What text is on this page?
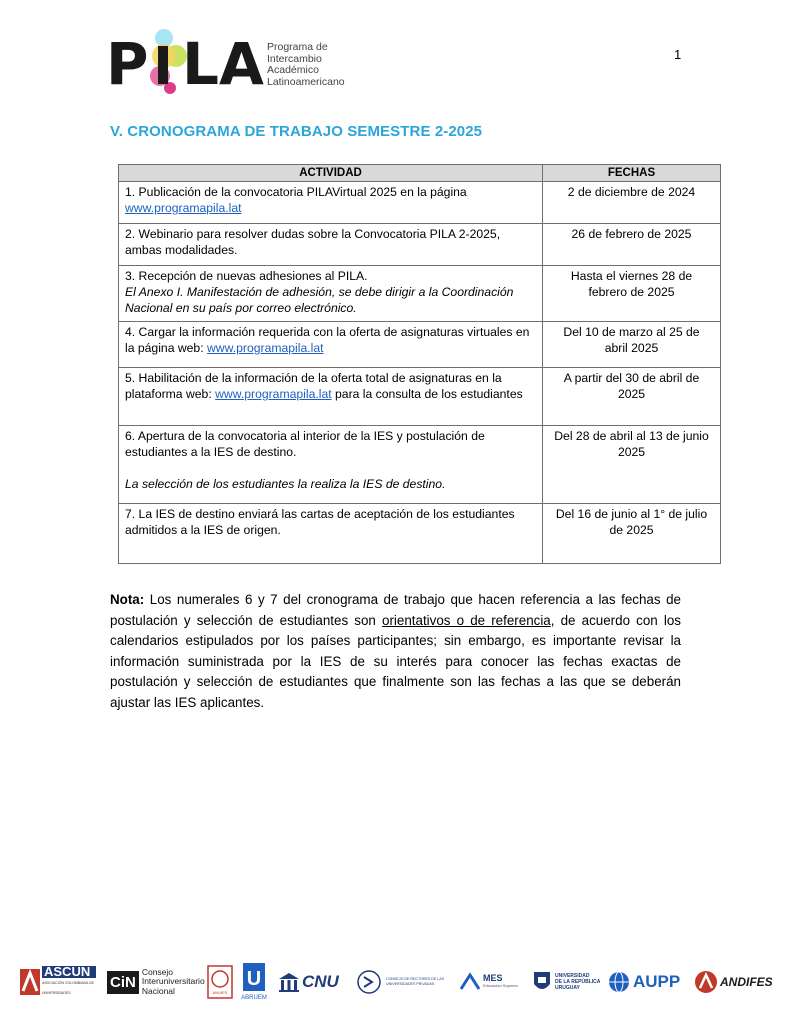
P LA Programa de
Intercambio
Académico
Latinoamericano
1
V. CRONOGRAMA DE TRABAJO SEMESTRE 2-2025
ACTIVIDAD	FECHAS
1. Publicación de la convocatoria PILAVirtual 2025 en la página
www.programapila.lat	2 de diciembre de 2024
2. Webinario para resolver dudas sobre la Convocatoria PILA 2-2025, ambas modalidades.	26 de febrero de 2025
3. Recepción de nuevas adhesiones al PILA.
El Anexo I. Manifestación de adhesión, se debe dirigir a la Coordinación Nacional en su país por correo electrónico.	Hasta el viernes 28 de febrero de 2025
4. Cargar la información requerida con la oferta de asignaturas virtuales en la página web: www.programapila.lat	Del 10 de marzo al 25 de abril 2025
5. Habilitación de la información de la oferta total de asignaturas en la plataforma web: www.programapila.lat para la consulta de los estudiantes	A partir del 30 de abril de 2025
6. Apertura de la convocatoria al interior de la IES y postulación de estudiantes a la IES de destino.
La selección de los estudiantes la realiza la IES de destino.	Del 28 de abril al 13 de junio 2025
7. La IES de destino enviará las cartas de aceptación de los estudiantes admitidos a la IES de origen.	Del 16 de junio al 1° de julio de 2025
Nota: Los numerales 6 y 7 del cronograma de trabajo que hacen referencia a las fechas de postulación y selección de estudiantes son orientativos o de referencia, de acuerdo con los calendarios estipulados por los países participantes; sin embargo, es importante revisar la información suministrada por la IES de su interés para conocer las fechas exactas de postulación y selección de estudiantes que finalmente son las fechas a las que se deberán ajustar las IES aplicantes.
ASCUN
ASOCIACIÓN COLOMBIANA DE UNIVERSIDADES
CiN
Consejo
Interuniversitario
Nacional	ANUIES
U
ABRUEM
CNU	CONSEJO DE RECTORES DE LAS UNIVERSIDADES PRIVADAS
MES
Educación Superior
UNIVERSIDAD
DE LA REPÚBLICA
URUGUAY	AUPP	ANDIFES
